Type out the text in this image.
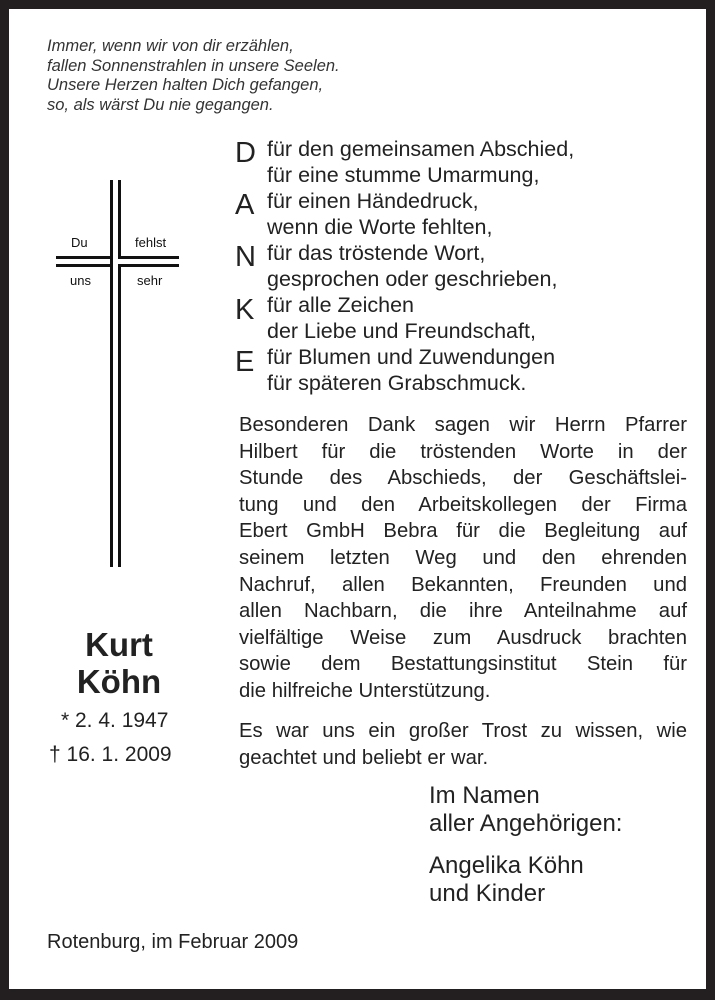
Immer, wenn wir von dir erzählen,
fallen Sonnenstrahlen in unsere Seelen.
Unsere Herzen halten Dich gefangen,
so, als wärst Du nie gegangen.
Du	fehlst
uns	sehr
Kurt
Köhn
* 2. 4. 1947
† 16. 1. 2009
D
A
N
K
E
für den gemeinsamen Abschied,
für eine stumme Umarmung,
für einen Händedruck,
wenn die Worte fehlten,
für das tröstende Wort,
gesprochen oder geschrieben,
für alle Zeichen
der Liebe und Freundschaft,
für Blumen und Zuwendungen
für späteren Grabschmuck.
Besonderen Dank sagen wir Herrn Pfarrer
Hilbert für die tröstenden Worte in der
Stunde des Abschieds, der Geschäftslei-
tung und den Arbeitskollegen der Firma
Ebert GmbH Bebra für die Begleitung auf
seinem letzten Weg und den ehrenden
Nachruf, allen Bekannten, Freunden und
allen Nachbarn, die ihre Anteilnahme auf
vielfältige Weise zum Ausdruck brachten
sowie dem Bestattungsinstitut Stein für
die hilfreiche Unterstützung.
Es war uns ein großer Trost zu wissen, wie
geachtet und beliebt er war.
Im Namen
aller Angehörigen:
Angelika Köhn
und Kinder
Rotenburg, im Februar 2009
